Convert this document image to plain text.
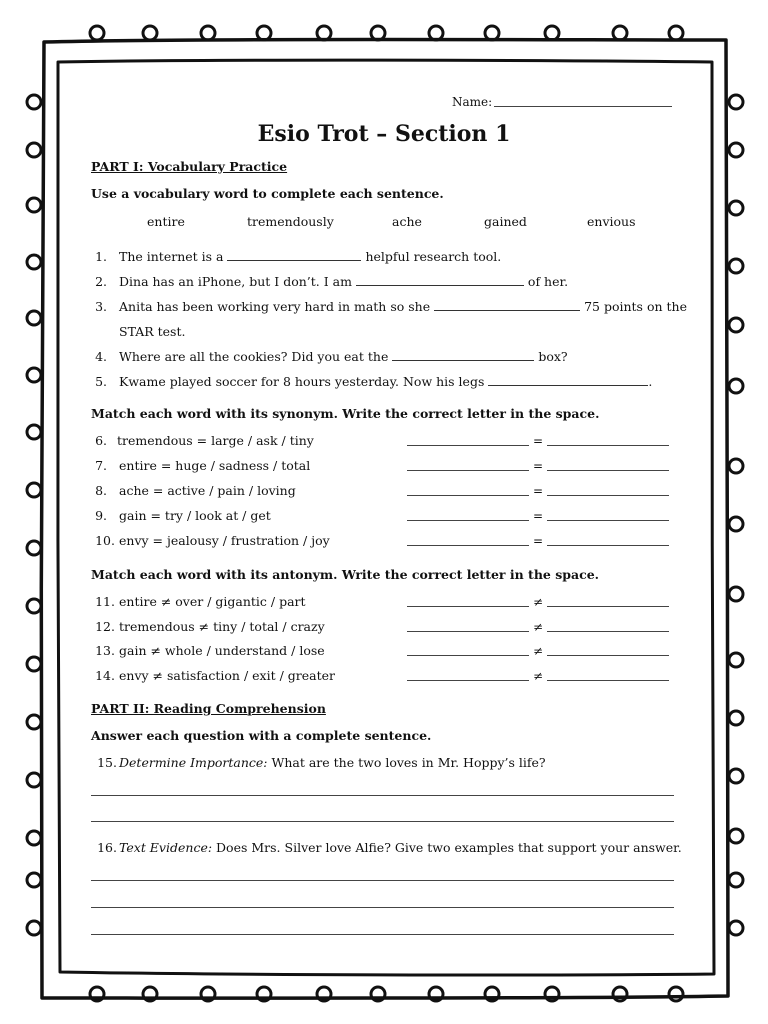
Name:
Esio Trot – Section 1
PART I: Vocabulary Practice
Use a vocabulary word to complete each sentence.
entire	tremendously	ache	gained	envious
1. The internet is a	helpful research tool.
2. Dina has an iPhone, but I don’t. I am	of her.
3. Anita has been working very hard in math so she	75 points on the
STAR test.
4. Where are all the cookies? Did you eat the	box?
5. Kwame played soccer for 8 hours yesterday. Now his legs	.
Match each word with its synonym. Write the correct letter in the space.
6. tremendous = large / ask / tiny	=
7. entire = huge / sadness / total	=
8. ache = active / pain / loving	=
9. gain = try / look at / get	=
10. envy = jealousy / frustration / joy	=
Match each word with its antonym. Write the correct letter in the space.
11. entire ≠ over / gigantic / part	≠
12. tremendous ≠ tiny / total / crazy	≠
13. gain ≠ whole / understand / lose	≠
14. envy ≠ satisfaction / exit / greater	≠
PART II: Reading Comprehension
Answer each question with a complete sentence.
15. Determine Importance: What are the two loves in Mr. Hoppy’s life?
16. Text Evidence: Does Mrs. Silver love Alfie? Give two examples that support your answer.
